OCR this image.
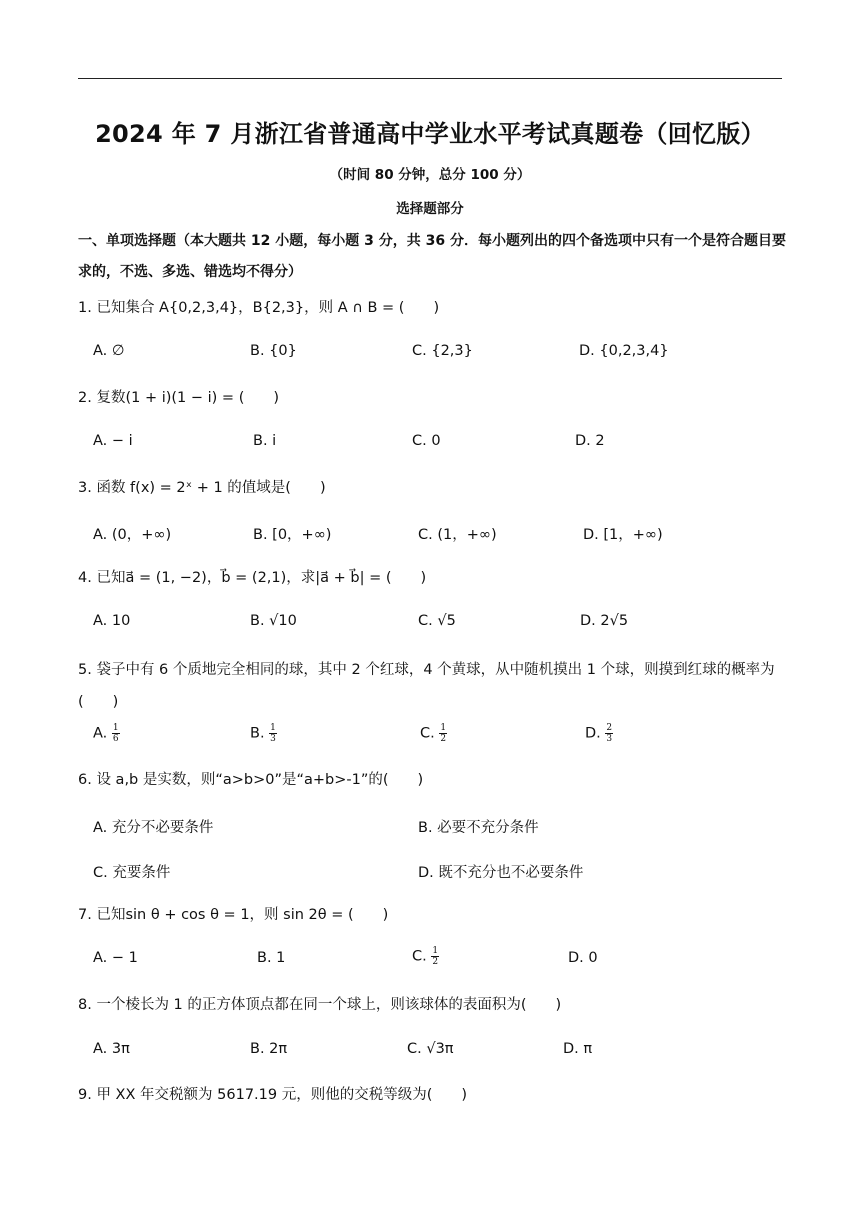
2024 年 7 月浙江省普通高中学业水平考试真题卷（回忆版）
（时间 80 分钟，总分 100 分）
选择题部分
一、单项选择题（本大题共 12 小题，每小题 3 分，共 36 分．每小题列出的四个备选项中只有一个是符合题目要求的，不选、多选、错选均不得分）
1. 已知集合 A{0,2,3,4}，B{2,3}，则 A ∩ B = (　　)
A. ∅	B. {0}	C. {2,3}	D. {0,2,3,4}
2. 复数(1 + i)(1 − i) = (　　)
A. − i	B. i	C. 0	D. 2
3. 函数 f(x) = 2ˣ + 1 的值域是(　　)
A. (0，+∞)	B. [0，+∞)	C. (1，+∞)	D. [1，+∞)
4. 已知a⃗ = (1, −2)，b⃗ = (2,1)，求|a⃗ + b⃗| = (　　)
A. 10	B. √10	C. √5	D. 2√5
5. 袋子中有 6 个质地完全相同的球，其中 2 个红球，4 个黄球，从中随机摸出 1 个球，则摸到红球的概率为(　　)
A. $\frac{1}{6}$	B. $\frac{1}{3}$	C. $\frac{1}{2}$	D. $\frac{2}{3}$
6. 设 a,b 是实数，则“a>b>0”是“a+b>-1”的(　　)
A. 充分不必要条件	B. 必要不充分条件
C. 充要条件	D. 既不充分也不必要条件
7. 已知sin θ + cos θ = 1，则 sin 2θ = (　　)
A. − 1	B. 1	C. $\frac{1}{2}$	D. 0
8. 一个棱长为 1 的正方体顶点都在同一个球上，则该球体的表面积为(　　)
A. 3π	B. 2π	C. √3π	D. π
9. 甲 XX 年交税额为 5617.19 元，则他的交税等级为(　　)
